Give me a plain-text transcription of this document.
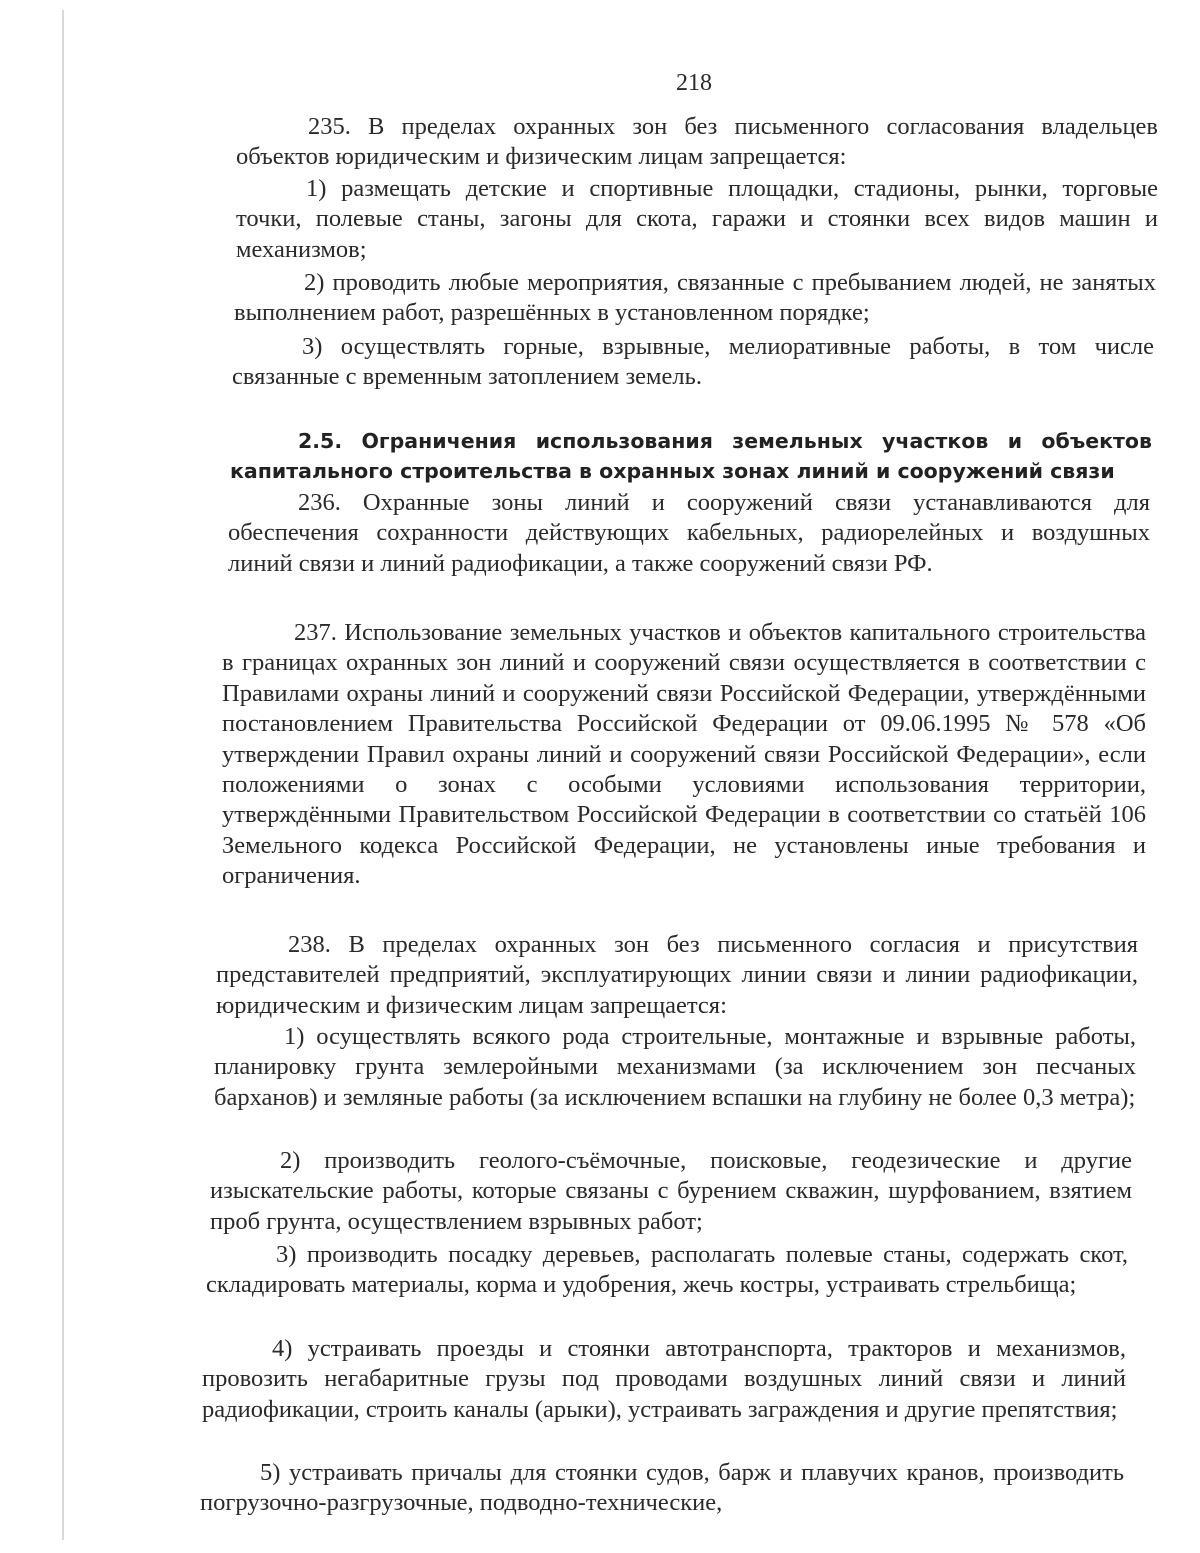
218

235. В пределах охранных зон без письменного согласования владельцев объектов юридическим и физическим лицам запрещается:

1) размещать детские и спортивные площадки, стадионы, рынки, торговые точки, полевые станы, загоны для скота, гаражи и стоянки всех видов машин и механизмов;

2) проводить любые мероприятия, связанные с пребыванием людей, не занятых выполнением работ, разрешённых в установленном порядке;

3) осуществлять горные, взрывные, мелиоративные работы, в том числе связанные с временным затоплением земель.

2.5. Ограничения использования земельных участков и объектов капитального строительства в охранных зонах линий и сооружений связи

236. Охранные зоны линий и сооружений связи устанавливаются для обеспечения сохранности действующих кабельных, радиорелейных и воздушных линий связи и линий радиофикации, а также сооружений связи РФ.

237. Использование земельных участков и объектов капитального строительства в границах охранных зон линий и сооружений связи осуществляется в соответствии с Правилами охраны линий и сооружений связи Российской Федерации, утверждёнными постановлением Правительства Российской Федерации от 09.06.1995 № 578 «Об утверждении Правил охраны линий и сооружений связи Российской Федерации», если положениями о зонах с особыми условиями использования территории, утверждёнными Правительством Российской Федерации в соответствии со статьёй 106 Земельного кодекса Российской Федерации, не установлены иные требования и ограничения.

238. В пределах охранных зон без письменного согласия и присутствия представителей предприятий, эксплуатирующих линии связи и линии радиофикации, юридическим и физическим лицам запрещается:

1) осуществлять всякого рода строительные, монтажные и взрывные работы, планировку грунта землеройными механизмами (за исключением зон песчаных барханов) и земляные работы (за исключением вспашки на глубину не более 0,3 метра);

2) производить геолого-съёмочные, поисковые, геодезические и другие изыскательские работы, которые связаны с бурением скважин, шурфованием, взятием проб грунта, осуществлением взрывных работ;

3) производить посадку деревьев, располагать полевые станы, содержать скот, складировать материалы, корма и удобрения, жечь костры, устраивать стрельбища;

4) устраивать проезды и стоянки автотранспорта, тракторов и механизмов, провозить негабаритные грузы под проводами воздушных линий связи и линий радиофикации, строить каналы (арыки), устраивать заграждения и другие препятствия;

5) устраивать причалы для стоянки судов, барж и плавучих кранов, производить погрузочно-разгрузочные, подводно-технические,
